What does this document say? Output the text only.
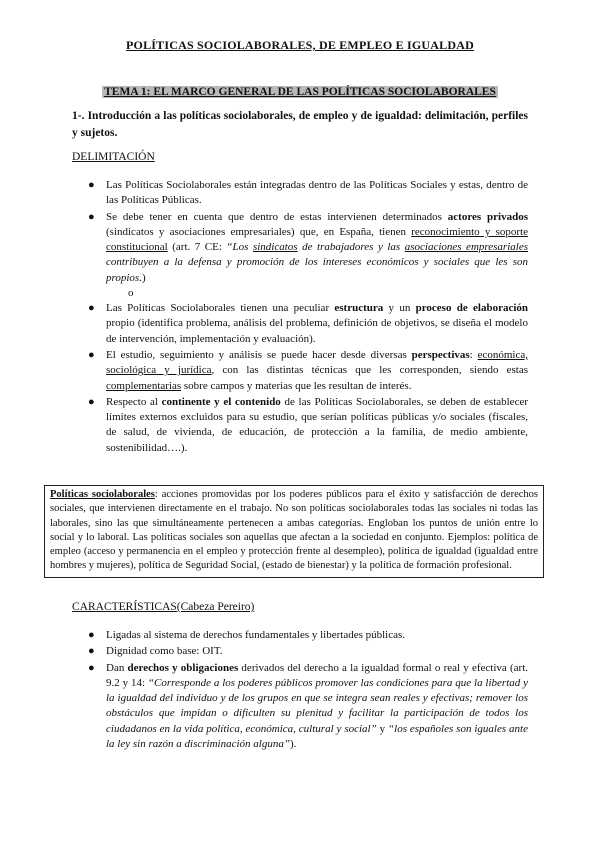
POLÍTICAS SOCIOLABORALES, DE EMPLEO E IGUALDAD
TEMA 1: EL MARCO GENERAL DE LAS POLÍTICAS SOCIOLABORALES
1-. Introducción a las políticas sociolaborales, de empleo y de igualdad: delimitación, perfiles y sujetos.
DELIMITACIÓN
● Las Políticas Sociolaborales están integradas dentro de las Políticas Sociales y estas, dentro de las Políticas Públicas.
● Se debe tener en cuenta que dentro de estas intervienen determinados actores privados (sindicatos y asociaciones empresariales) que, en España, tienen reconocimiento y soporte constitucional (art. 7 CE: “Los sindicatos de trabajadores y las asociaciones empresariales contribuyen a la defensa y promoción de los intereses económicos y sociales que les son propios.)
o
● Las Políticas Sociolaborales tienen una peculiar estructura y un proceso de elaboración propio (identifica problema, análisis del problema, definición de objetivos, se diseña el modelo de intervención, implementación y evaluación).
● El estudio, seguimiento y análisis se puede hacer desde diversas perspectivas: económica, sociológica y jurídica, con las distintas técnicas que les corresponden, siendo estas complementarias sobre campos y materias que les resultan de interés.
● Respecto al continente y el contenido de las Políticas Sociolaborales, se deben de establecer límites externos excluidos para su estudio, que serían políticas públicas y/o sociales (fiscales, de salud, de vivienda, de educación, de protección a la familia, de medio ambiente, sostenibilidad….).
Políticas sociolaborales: acciones promovidas por los poderes públicos para el éxito y satisfacción de derechos sociales, que intervienen directamente en el trabajo. No son políticas sociolaborales todas las sociales ni todas las laborales, sino las que simultáneamente pertenecen a ambas categorías. Engloban los puntos de unión entre lo social y lo laboral. Las políticas sociales son aquellas que afectan a la sociedad en conjunto. Ejemplos: política de empleo (acceso y permanencia en el empleo y protección frente al desempleo), política de igualdad (igualdad entre hombres y mujeres), política de Seguridad Social, (estado de bienestar) y la política de formación profesional.
CARACTERÍSTICAS(Cabeza Pereiro)
● Ligadas al sistema de derechos fundamentales y libertades públicas.
● Dignidad como base: OIT.
● Dan derechos y obligaciones derivados del derecho a la igualdad formal o real y efectiva (art. 9.2 y 14: “Corresponde a los poderes públicos promover las condiciones para que la libertad y la igualdad del individuo y de los grupos en que se integra sean reales y efectivas; remover los obstáculos que impidan o dificulten su plenitud y facilitar la participación de todos los ciudadanos en la vida política, económica, cultural y social” y “los españoles son iguales ante la ley sin razón a discriminación alguna”).
